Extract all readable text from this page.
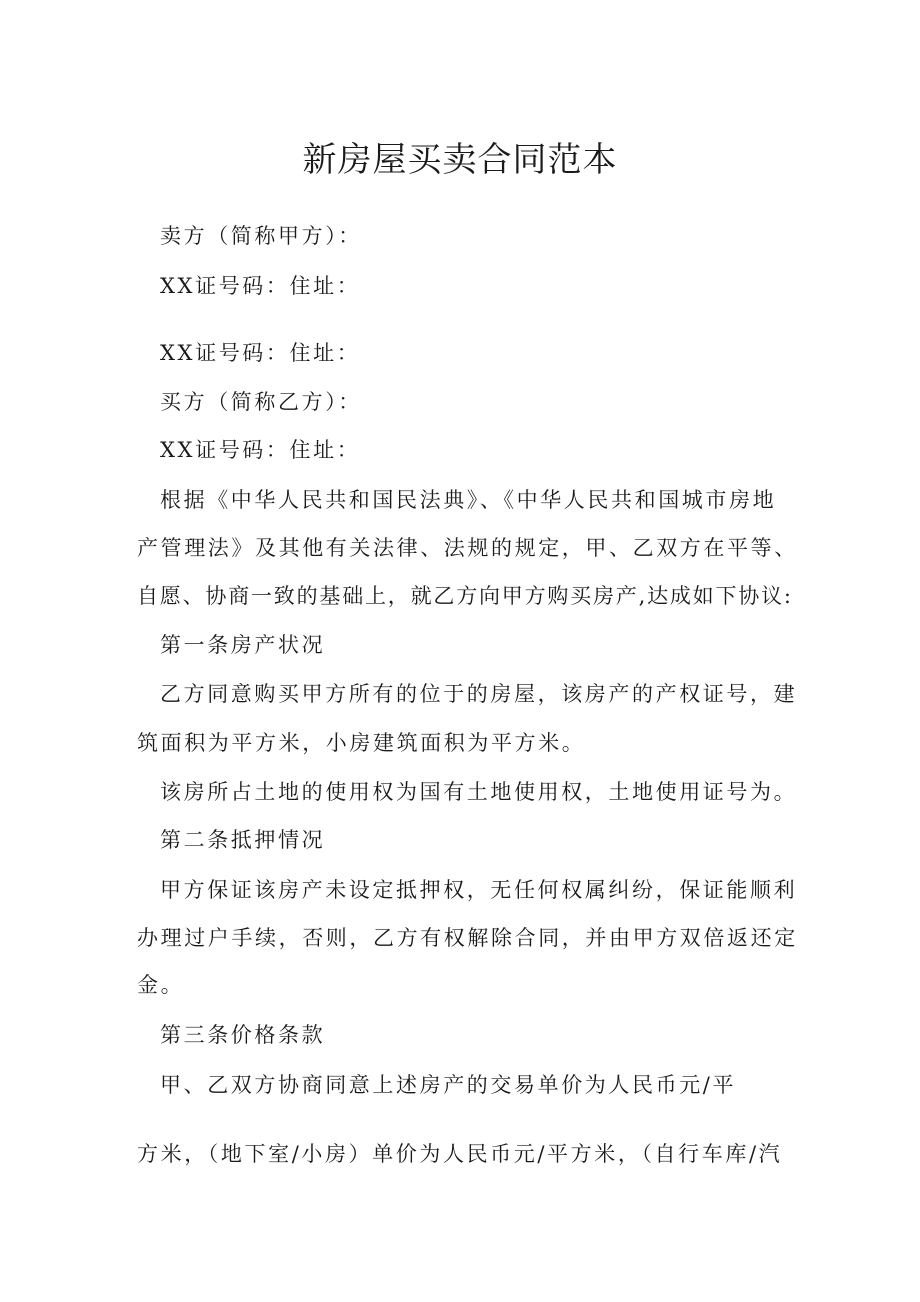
新房屋买卖合同范本
卖方（简称甲方）：
XX证号码：住址：
XX证号码：住址：
买方（简称乙方）：
XX证号码：住址：
根据《中华人民共和国民法典》、《中华人民共和国城市房地
产管理法》及其他有关法律、法规的规定，甲、乙双方在平等、
自愿、协商一致的基础上，就乙方向甲方购买房产,达成如下协议:
第一条房产状况
乙方同意购买甲方所有的位于的房屋，该房产的产权证号，建
筑面积为平方米，小房建筑面积为平方米。
该房所占土地的使用权为国有土地使用权，土地使用证号为。
第二条抵押情况
甲方保证该房产未设定抵押权，无任何权属纠纷，保证能顺利
办理过户手续，否则，乙方有权解除合同，并由甲方双倍返还定
金。
第三条价格条款
甲、乙双方协商同意上述房产的交易单价为人民币元/平
方米，（地下室/小房）单价为人民币元/平方米，（自行车库/汽
